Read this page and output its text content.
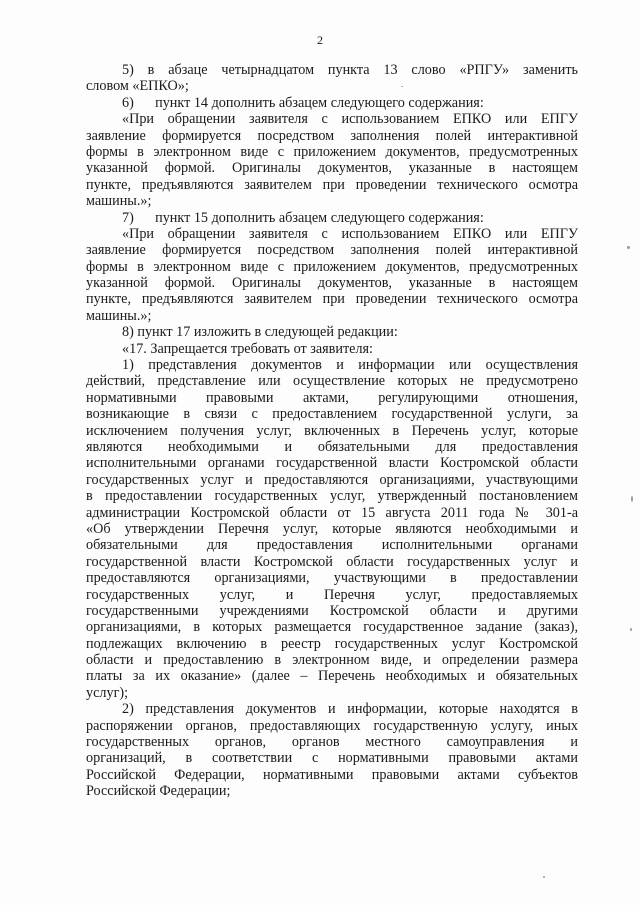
2
5) в абзаце четырнадцатом пункта 13 слово «РПГУ» заменить
словом «ЕПКО»;
6)      пункт 14 дополнить абзацем следующего содержания:
«При обращении заявителя с использованием ЕПКО или ЕПГУ
заявление формируется посредством заполнения полей интерактивной
формы в электронном виде с приложением документов, предусмотренных
указанной формой. Оригиналы документов, указанные в настоящем
пункте, предъявляются заявителем при проведении технического осмотра
машины.»;
7)      пункт 15 дополнить абзацем следующего содержания:
«При обращении заявителя с использованием ЕПКО или ЕПГУ
заявление формируется посредством заполнения полей интерактивной
формы в электронном виде с приложением документов, предусмотренных
указанной формой. Оригиналы документов, указанные в настоящем
пункте, предъявляются заявителем при проведении технического осмотра
машины.»;
8) пункт 17 изложить в следующей редакции:
«17. Запрещается требовать от заявителя:
1) представления документов и информации или осуществления
действий, представление или осуществление которых не предусмотрено
нормативными правовыми актами, регулирующими отношения,
возникающие в связи с предоставлением государственной услуги, за
исключением получения услуг, включенных в Перечень услуг, которые
являются необходимыми и обязательными для предоставления
исполнительными органами государственной власти Костромской области
государственных услуг и предоставляются организациями, участвующими
в предоставлении государственных услуг, утвержденный постановлением
администрации Костромской области от 15 августа 2011 года № 301-а
«Об утверждении Перечня услуг, которые являются необходимыми и
обязательными для предоставления исполнительными органами
государственной власти Костромской области государственных услуг и
предоставляются организациями, участвующими в предоставлении
государственных услуг, и Перечня услуг, предоставляемых
государственными учреждениями Костромской области и другими
организациями, в которых размещается государственное задание (заказ),
подлежащих включению в реестр государственных услуг Костромской
области и предоставлению в электронном виде, и определении размера
платы за их оказание» (далее – Перечень необходимых и обязательных
услуг);
2) представления документов и информации, которые находятся в
распоряжении органов, предоставляющих государственную услугу, иных
государственных органов, органов местного самоуправления и
организаций, в соответствии с нормативными правовыми актами
Российской Федерации, нормативными правовыми актами субъектов
Российской Федерации;
